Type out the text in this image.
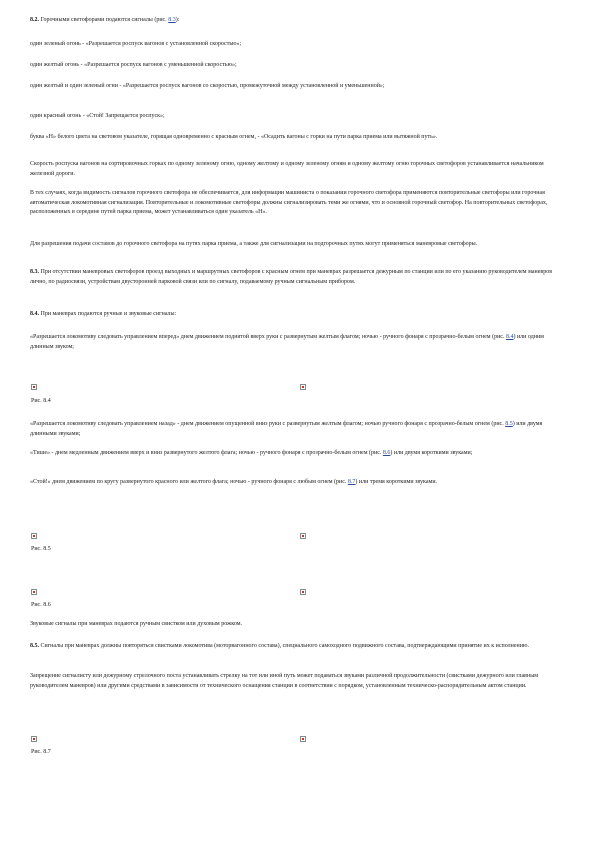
8.2. Горочными светофорами подаются сигналы (рис. 8.3):

один зеленый огонь - «Разрешается роспуск вагонов с установленной скоростью»;

один желтый огонь - «Разрешается роспуск вагонов с уменьшенной скоростью»;

один желтый и один зеленый огни - «Разрешается роспуск вагонов со скоростью, промежуточной между установленной и уменьшенной»;

один красный огонь - «Стой! Запрещается роспуск»;

буква «Н» белого цвета на световом указателе, горящая одновременно с красным огнем, - «Осадить вагоны с горки на пути парка приема или вытяжной путь».

Скорость роспуска вагонов на сортировочных горках по одному зеленому огню, одному желтому и одному зеленому огням и одному желтому огню горочных светофоров устанавливается начальником железной дороги.

В тех случаях, когда видимость сигналов горочного светофора не обеспечивается, для информации машиниста о показании горочного светофора применяются повторительные светофоры или горочная автоматическая локомотивная сигнализация. Повторительные и локомотивные светофоры должны сигнализировать теми же огнями, что и основной горочный светофор. На повторительных светофорах, расположенных в середине путей парка приема, может устанавливаться один указатель «Н».

Для разрешения подачи составов до горочного светофора на путях парка приема, а также для сигнализации на подгорочных путях могут применяться маневровые светофоры.

8.3. При отсутствии маневровых светофоров проезд выходных и маршрутных светофоров с красным огнем при маневрах разрешается дежурным по станции или по его указанию руководителем маневров лично, по радиосвязи, устройствам двусторонней парковой связи или по сигналу, подаваемому ручным сигнальным прибором.

8.4. При маневрах подаются ручные и звуковые сигналы:

«Разрешается локомотиву следовать управлением вперед» днем движением поднятой вверх руки с развернутым желтым флагом; ночью - ручного фонаря с прозрачно-белым огнем (рис. 8.4) или одним длинным звуком;

Рис. 8.4

«Разрешается локомотиву следовать управлением назад» - днем движением опущенной вниз руки с развернутым желтым флагом; ночью ручного фонаря с прозрачно-белым огнем (рис. 8.5) или двумя длинными звуками;

«Тише» - днем медленным движением вверх и вниз развернутого желтого флага; ночью - ручного фонаря с прозрачно-белым огнем (рис. 8.6) или двумя короткими звуками;

«Стой!» днем движением по кругу развернутого красного или желтого флага; ночью - ручного фонаря с любым огнем (рис. 8.7) или тремя короткими звуками.

Рис. 8.5
Рис. 8.6

Звуковые сигналы при маневрах подаются ручным свистком или духовым рожком.

8.5. Сигналы при маневрах должны повторяться свистками локомотива (моторвагонного состава), специального самоходного подвижного состава, подтверждающими принятие их к исполнению.

Запрещение сигналисту или дежурному стрелочного поста устанавливать стрелку на тот или иной путь может подаваться звуками различной продолжительности (свистками дежурного или главным руководителем маневров) или другими средствами в зависимости от технического оснащения станции в соответствии с порядком, установленным техническо-распорядительным актом станции.

Рис. 8.7
